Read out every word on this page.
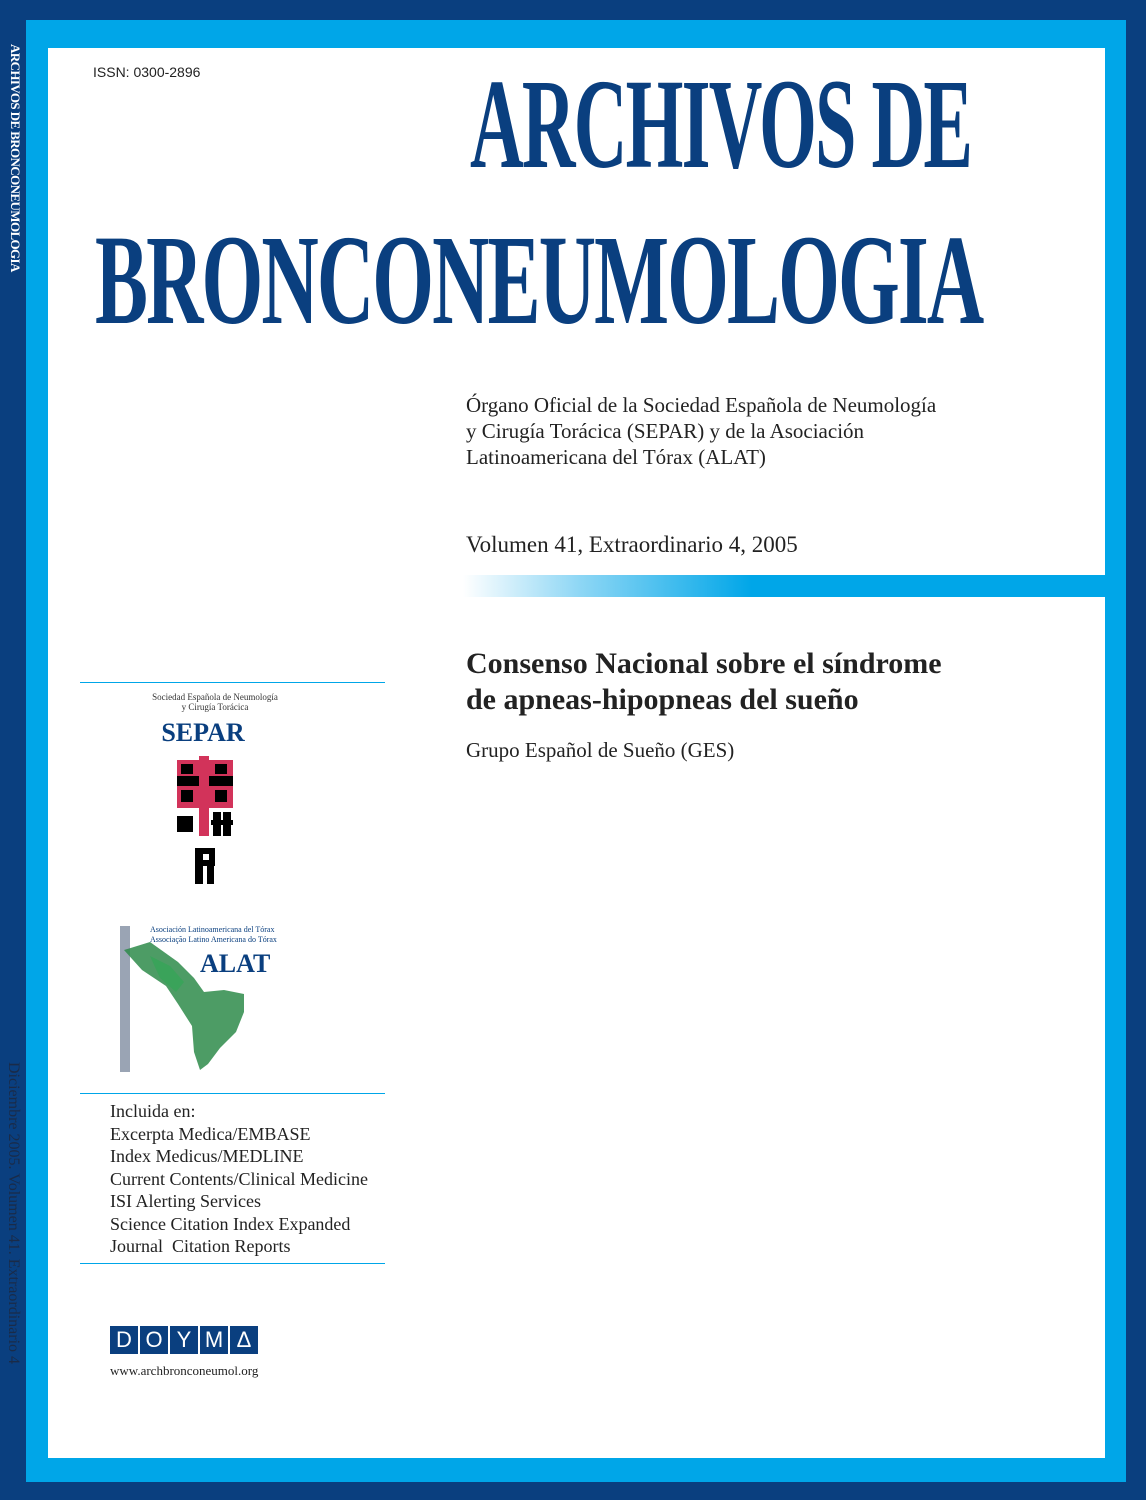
ARCHIVOS DE BRONCONEUMOLOGIA
Diciembre 2005. Volumen 41. Extraordinario 4
ISSN: 0300-2896 ARCHIVOS DE
BRONCONEUMOLOGIA
Órgano Oficial de la Sociedad Española de Neumología
y Cirugía Torácica (SEPAR) y de la Asociación
Latinoamericana del Tórax (ALAT)
Volumen 41, Extraordinario 4, 2005
Consenso Nacional sobre el síndrome
de apneas-hipopneas del sueño
Grupo Español de Sueño (GES)
Sociedad Española de Neumología
y Cirugía Torácica
SEPAR
Asociación Latinoamericana del Tórax
Associação Latino Americana do Tórax
ALAT
Incluida en:
Excerpta Medica/EMBASE
Index Medicus/MEDLINE
Current Contents/Clinical Medicine
ISI Alerting Services
Science Citation Index Expanded
Journal  Citation Reports
D O Y M Δ
www.archbronconeumol.org
